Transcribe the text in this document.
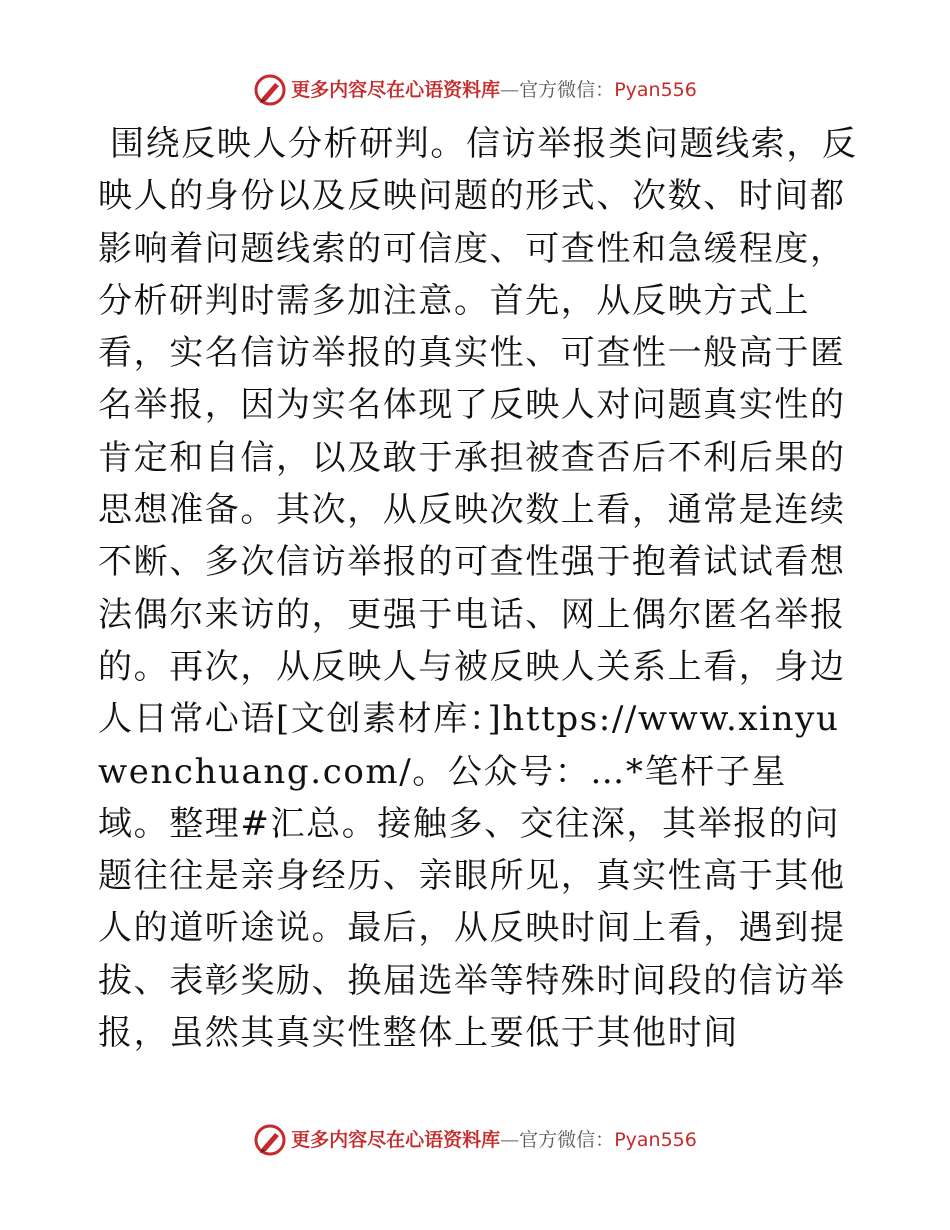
更多内容尽在心语资料库 — 官方微信： Pyan556

围绕反映人分析研判。信访举报类问题线索，反映人的身份以及反映问题的形式、次数、时间都影响着问题线索的可信度、可查性和急缓程度，分析研判时需多加注意。首先，从反映方式上看，实名信访举报的真实性、可查性一般高于匿名举报，因为实名体现了反映人对问题真实性的肯定和自信，以及敢于承担被查否后不利后果的思想准备。其次，从反映次数上看，通常是连续不断、多次信访举报的可查性强于抱着试试看想法偶尔来访的，更强于电话、网上偶尔匿名举报的。再次，从反映人与被反映人关系上看，身边人日常心语[文创素材库：]https://www.xinyuwenchuang.com/。公众号：…*笔杆子星域。整理#汇总。接触多、交往深，其举报的问题往往是亲身经历、亲眼所见，真实性高于其他人的道听途说。最后，从反映时间上看，遇到提拔、表彰奖励、换届选举等特殊时间段的信访举报，虽然其真实性整体上要低于其他时间

更多内容尽在心语资料库 — 官方微信： Pyan556
